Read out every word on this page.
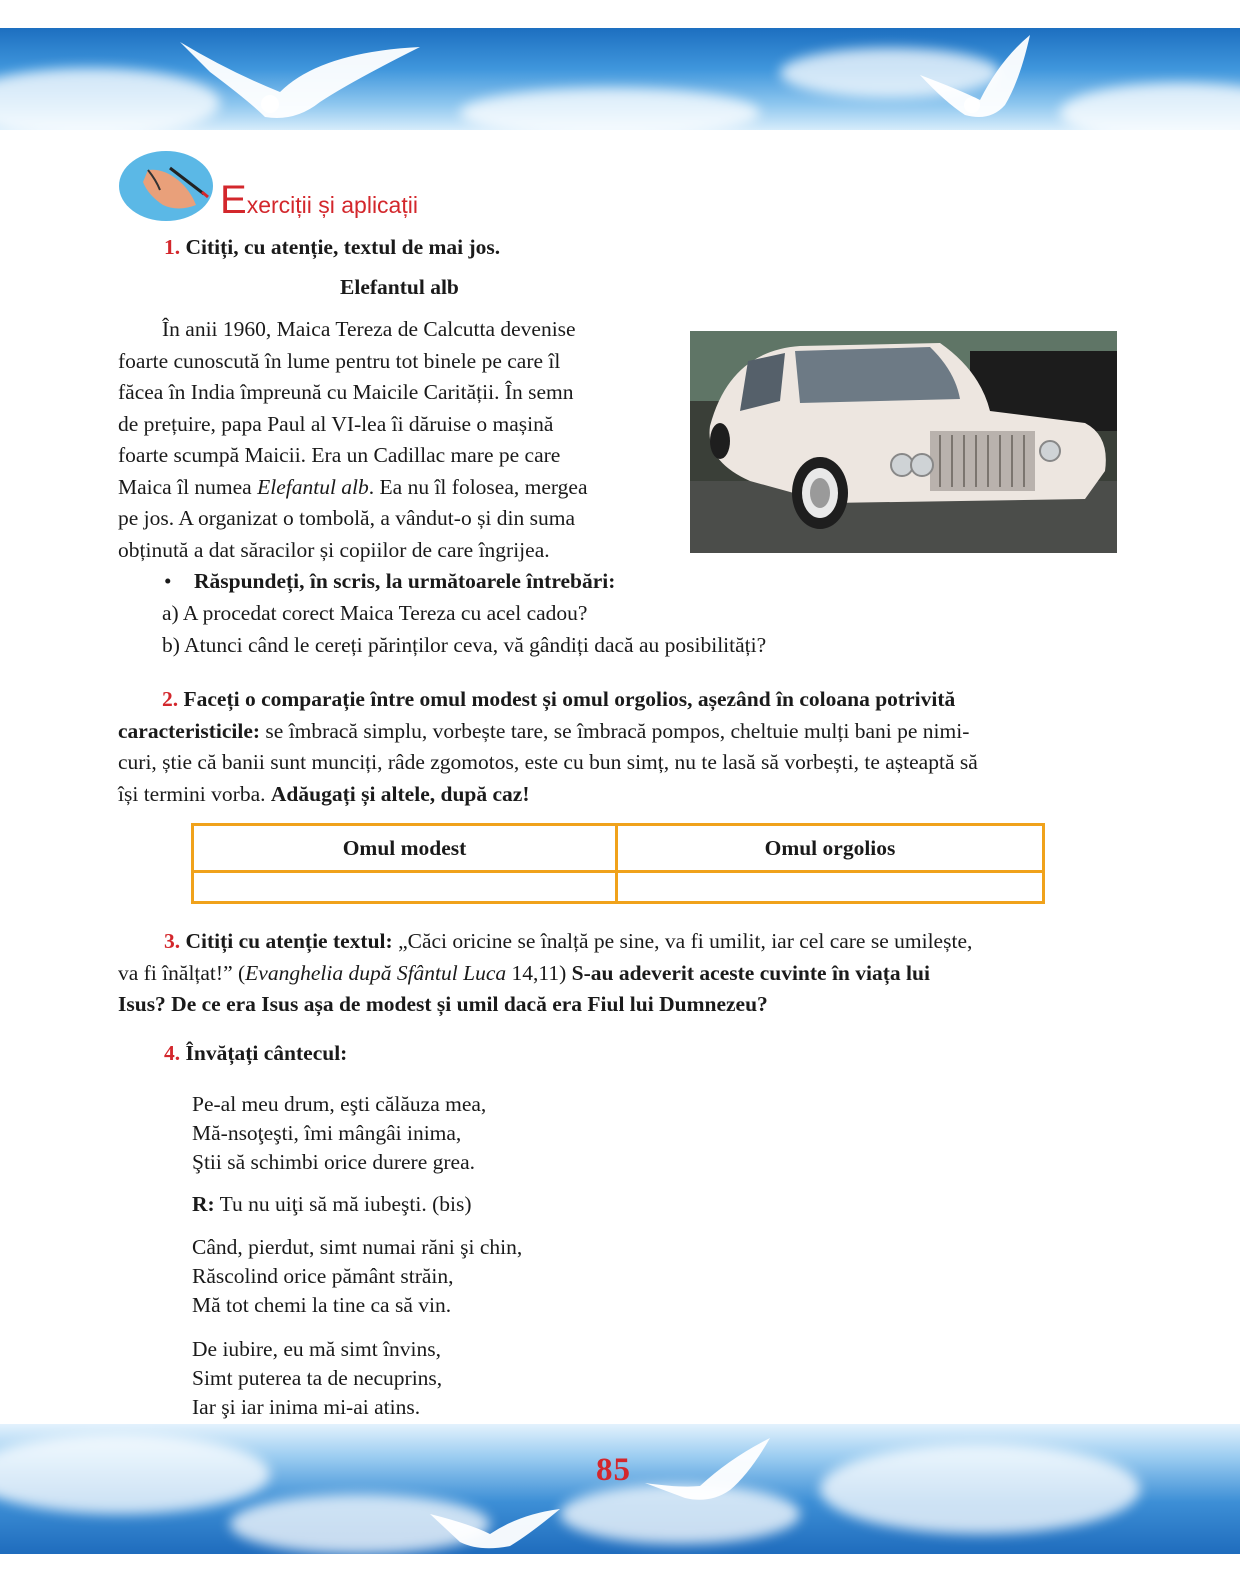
Exerciții și aplicații
1. Citiți, cu atenție, textul de mai jos.
Elefantul alb
În anii 1960, Maica Tereza de Calcutta devenise
foarte cunoscută în lume pentru tot binele pe care îl
făcea în India împreună cu Maicile Carității. În semn
de prețuire, papa Paul al VI-lea îi dăruise o mașină
foarte scumpă Maicii. Era un Cadillac mare pe care
Maica îl numea Elefantul alb. Ea nu îl folosea, mergea
pe jos. A organizat o tombolă, a vândut-o și din suma
obținută a dat săracilor și copiilor de care îngrijea.
• Răspundeți, în scris, la următoarele întrebări:
a) A procedat corect Maica Tereza cu acel cadou?
b) Atunci când le cereți părinților ceva, vă gândiți dacă au posibilități?
2. Faceți o comparație între omul modest și omul orgolios, așezând în coloana potrivită
caracteristicile: se îmbracă simplu, vorbește tare, se îmbracă pompos, cheltuie mulți bani pe nimi-
curi, știe că banii sunt munciți, râde zgomotos, este cu bun simț, nu te lasă să vorbești, te așteaptă să
își termini vorba. Adăugați și altele, după caz!
Omul modest	Omul orgolios
3. Citiți cu atenție textul: „Căci oricine se înalță pe sine, va fi umilit, iar cel care se umilește,
va fi înălțat!” (Evanghelia după Sfântul Luca 14,11) S-au adeverit aceste cuvinte în viața lui
Isus? De ce era Isus așa de modest și umil dacă era Fiul lui Dumnezeu?
4. Învățați cântecul:

Pe-al meu drum, eşti călăuza mea,

Mă-nsoţeşti, îmi mângâi inima,

Ştii să schimbi orice durere grea.

R: Tu nu uiţi să mă iubeşti. (bis)

Când, pierdut, simt numai răni şi chin,

Răscolind orice pământ străin,

Mă tot chemi la tine ca să vin.

De iubire, eu mă simt învins,

Simt puterea ta de necuprins,

Iar şi iar inima mi-ai atins.

85
